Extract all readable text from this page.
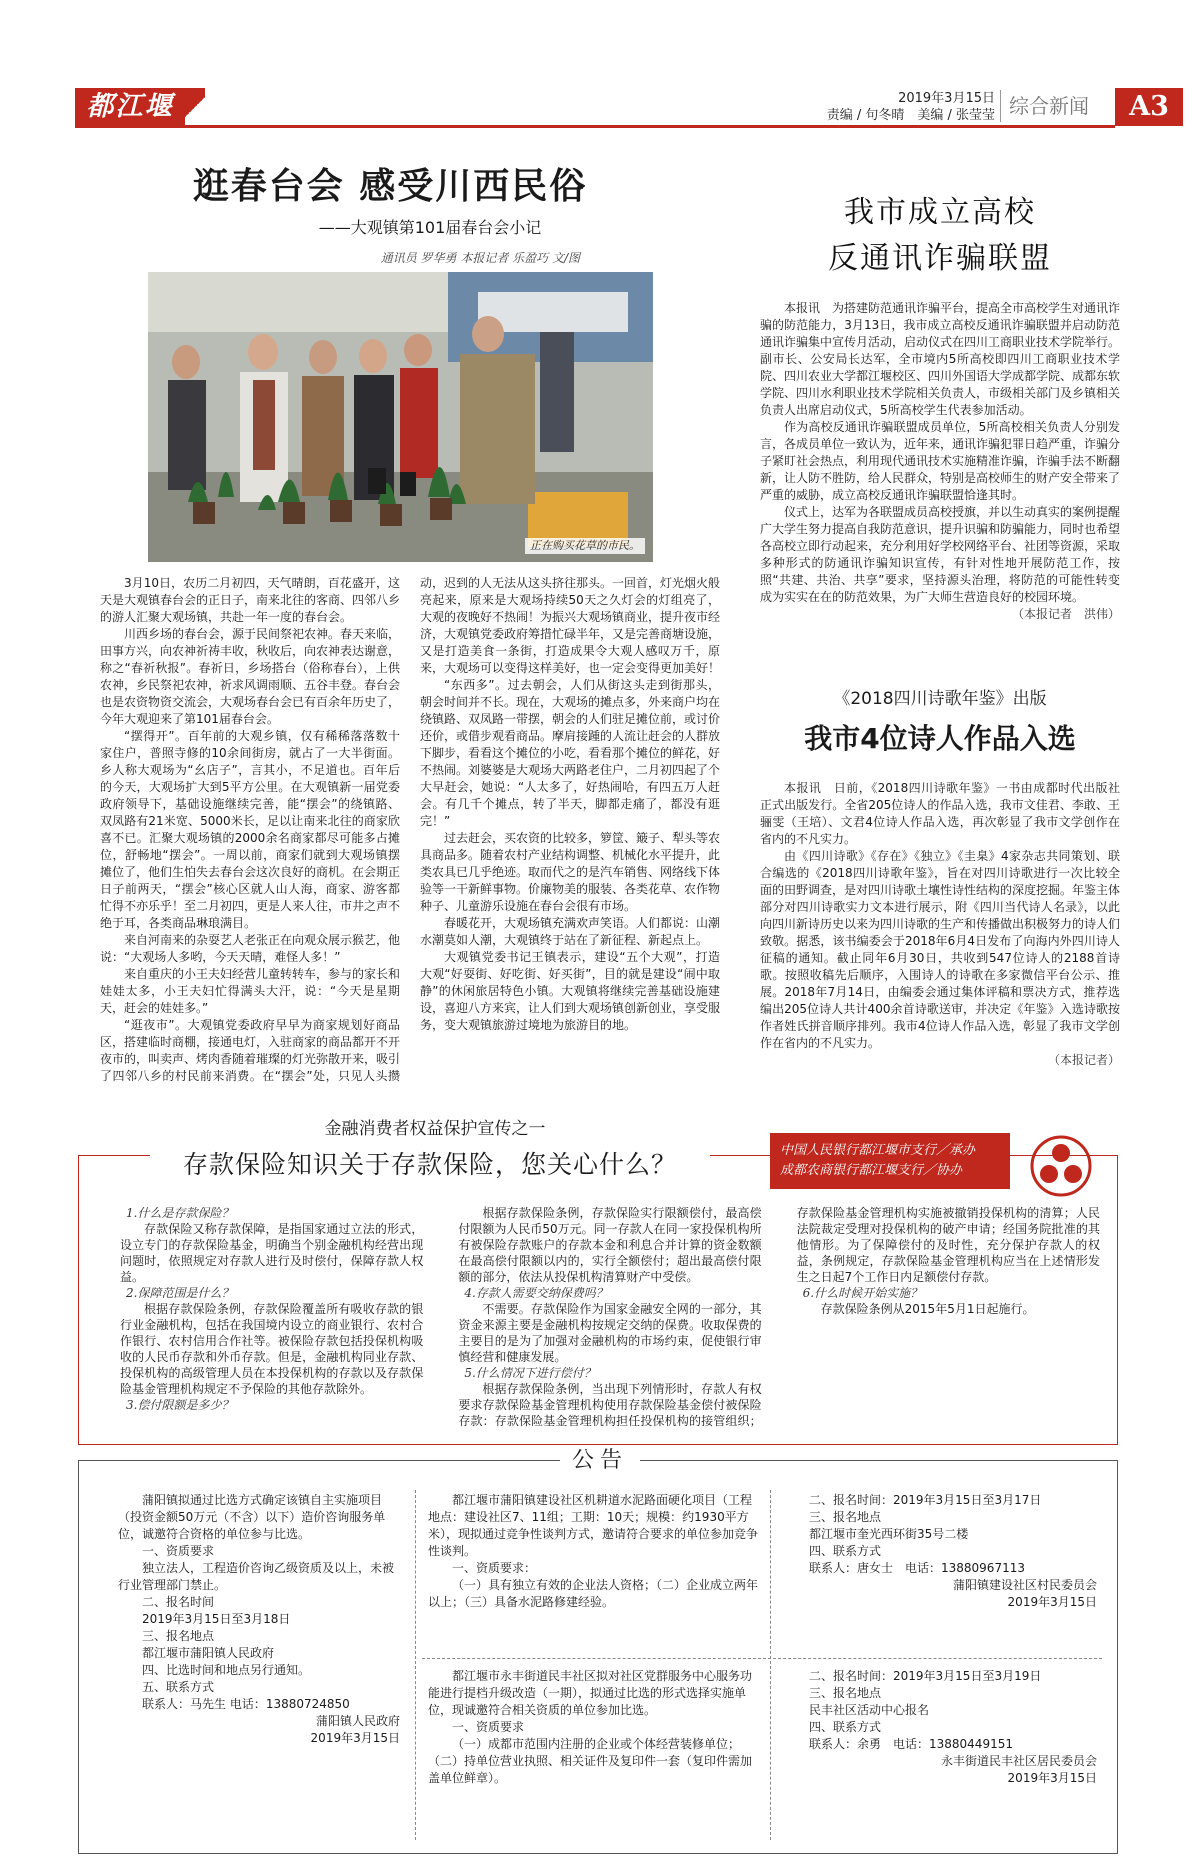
都江堰报
2019年3月15日
责编 / 句冬晴　美编 / 张莹莹 综合新闻	A3
逛春台会 感受川西民俗
——大观镇第101届春台会小记
通讯员 罗华勇 本报记者 乐盈巧 文/图
正在购买花草的市民。

3月10日，农历二月初四，天气晴朗，百花盛开，这天是大观镇春台会的正日子，南来北往的客商、四邻八乡的游人汇聚大观场镇，共赴一年一度的春台会。

川西乡场的春台会，源于民间祭祀农神。春天来临，田事方兴，向农神祈祷丰收，秋收后，向农神表达谢意，称之“春祈秋报”。春祈日，乡场搭台（俗称春台），上供农神，乡民祭祀农神，祈求风调雨顺、五谷丰登。春台会也是农资物资交流会，大观场春台会已有百余年历史了，今年大观迎来了第101届春台会。

“摆得开”。百年前的大观乡镇，仅有稀稀落落数十家住户，普照寺修的10余间街房，就占了一大半街面。乡人称大观场为“幺店子”，言其小，不足道也。百年后的今天，大观场扩大到5平方公里。在大观镇新一届党委政府领导下，基础设施继续完善，能“摆会”的绕镇路、双凤路有21米宽、5000米长，足以让南来北往的商家欣喜不已。汇聚大观场镇的2000余名商家都尽可能多占摊位，舒畅地“摆会”。一周以前，商家们就到大观场镇摆摊位了，他们生怕失去春台会这次良好的商机。在会期正日子前两天，“摆会”核心区就人山人海，商家、游客都忙得不亦乐乎！至二月初四，更是人来人往，市井之声不绝于耳，各类商品琳琅满目。

来自河南来的杂耍艺人老张正在向观众展示猴艺，他说：“大观场人多哟，今天天晴，难怪人多！”

来自重庆的小王夫妇经营儿童转转车，参与的家长和娃娃太多，小王夫妇忙得满头大汗，说：“今天是星期天，赶会的娃娃多。”

“逛夜市”。大观镇党委政府早早为商家规划好商品区，搭建临时商棚，接通电灯，入驻商家的商品都开不开夜市的，叫卖声、烤肉香随着璀璨的灯光弥散开来，吸引了四邻八乡的村民前来消费。在“摆会”处，只见人头攒动，迟到的人无法从这头挤往那头。一回首，灯光烟火般亮起来，原来是大观场持续50天之久灯会的灯组亮了，大观的夜晚好不热闹！为振兴大观场镇商业，提升夜市经济，大观镇党委政府筹措忙碌半年，又是完善商塘设施，又是打造美食一条街，打造成果令大观人感叹万千，原来，大观场可以变得这样美好，也一定会变得更加美好！

“东西多”。过去朝会，人们从街这头走到街那头，朝会时间并不长。现在，大观场的摊点多，外来商户均在绕镇路、双凤路一带摆，朝会的人们驻足摊位前，或讨价还价，或借步观看商品。摩肩接踵的人流让赶会的人群放下脚步，看看这个摊位的小吃，看看那个摊位的鲜花，好不热闹。刘婆婆是大观场大两路老住户，二月初四起了个大早赶会，她说：“人太多了，好热闹哈，有四五万人赶会。有几千个摊点，转了半天，脚都走痛了，都没有逛完！”

过去赶会，买农资的比较多，箩筐、簸子、犁头等农具商品多。随着农村产业结构调整、机械化水平提升，此类农具已几乎绝迹。取而代之的是汽车销售、网络线下体验等一干新鲜事物。价廉物美的服装、各类花草、农作物种子、儿童游乐设施在春台会很有市场。

春暖花开，大观场镇充满欢声笑语。人们都说：山潮水潮莫如人潮，大观镇终于站在了新征程、新起点上。

大观镇党委书记王镇表示，建设“五个大观”，打造大观“好耍街、好吃街、好买街”，目的就是建设“闹中取静”的休闲旅居特色小镇。大观镇将继续完善基础设施建设，喜迎八方来宾，让人们到大观场镇创新创业，享受服务，变大观镇旅游过境地为旅游目的地。

我市成立高校
反通讯诈骗联盟

本报讯　为搭建防范通讯诈骗平台，提高全市高校学生对通讯诈骗的防范能力，3月13日，我市成立高校反通讯诈骗联盟并启动防范通讯诈骗集中宣传月活动，启动仪式在四川工商职业技术学院举行。副市长、公安局长达军，全市境内5所高校即四川工商职业技术学院、四川农业大学都江堰校区、四川外国语大学成都学院、成都东软学院、四川水利职业技术学院相关负责人，市级相关部门及乡镇相关负责人出席启动仪式，5所高校学生代表参加活动。

作为高校反通讯诈骗联盟成员单位，5所高校相关负责人分别发言，各成员单位一致认为，近年来，通讯诈骗犯罪日趋严重，诈骗分子紧盯社会热点，利用现代通讯技术实施精准诈骗，诈骗手法不断翻新，让人防不胜防，给人民群众，特别是高校师生的财产安全带来了严重的威胁，成立高校反通讯诈骗联盟恰逢其时。

仪式上，达军为各联盟成员高校授旗，并以生动真实的案例提醒广大学生努力提高自我防范意识，提升识骗和防骗能力，同时也希望各高校立即行动起来，充分利用好学校网络平台、社团等资源，采取多种形式的防通讯诈骗知识宣传，有针对性地开展防范工作，按照“共建、共治、共享”要求，坚持源头治理，将防范的可能性转变成为实实在在的防范效果，为广大师生营造良好的校园环境。

（本报记者　洪伟）
《2018四川诗歌年鉴》出版
我市4位诗人作品入选

本报讯　日前，《2018四川诗歌年鉴》一书由成都时代出版社正式出版发行。全省205位诗人的作品入选，我市文佳君、李敢、王骊雯（王培）、文君4位诗人作品入选，再次彰显了我市文学创作在省内的不凡实力。

由《四川诗歌》《存在》《独立》《圭臬》4家杂志共同策划、联合编选的《2018四川诗歌年鉴》，旨在对四川诗歌进行一次比较全面的田野调查，是对四川诗歌土壤性诗性结构的深度挖掘。年鉴主体部分对四川诗歌实力文本进行展示，附《四川当代诗人名录》，以此向四川新诗历史以来为四川诗歌的生产和传播做出积极努力的诗人们致敬。据悉，该书编委会于2018年6月4日发布了向海内外四川诗人征稿的通知。截止同年6月30日，共收到547位诗人的2188首诗歌。按照收稿先后顺序，入围诗人的诗歌在多家微信平台公示、推展。2018年7月14日，由编委会通过集体评稿和票决方式，推荐选编出205位诗人共计400余首诗歌送审，并决定《年鉴》入选诗歌按作者姓氏拼音顺序排列。我市4位诗人作品入选，彰显了我市文学创作在省内的不凡实力。

（本报记者）
金融消费者权益保护宣传之一
存款保险知识关于存款保险，您关心什么？	中国人民银行都江堰市支行／承办
成都农商银行都江堰支行／协办
1.什么是存款保险？

存款保险又称存款保障，是指国家通过立法的形式，设立专门的存款保险基金，明确当个别金融机构经营出现问题时，依照规定对存款人进行及时偿付，保障存款人权益。

2.保障范围是什么？

根据存款保险条例，存款保险覆盖所有吸收存款的银行业金融机构，包括在我国境内设立的商业银行、农村合作银行、农村信用合作社等。被保险存款包括投保机构吸收的人民币存款和外币存款。但是，金融机构同业存款、投保机构的高级管理人员在本投保机构的存款以及存款保险基金管理机构规定不予保险的其他存款除外。

3.偿付限额是多少？

根据存款保险条例，存款保险实行限额偿付，最高偿付限额为人民币50万元。同一存款人在同一家投保机构所有被保险存款账户的存款本金和利息合并计算的资金数额在最高偿付限额以内的，实行全额偿付；超出最高偿付限额的部分，依法从投保机构清算财产中受偿。

4.存款人需要交纳保费吗？

不需要。存款保险作为国家金融安全网的一部分，其资金来源主要是金融机构按规定交纳的保费。收取保费的主要目的是为了加强对金融机构的市场约束，促使银行审慎经营和健康发展。

5.什么情况下进行偿付？

根据存款保险条例，当出现下列情形时，存款人有权要求存款保险基金管理机构使用存款保险基金偿付被保险存款：存款保险基金管理机构担任投保机构的接管组织；存款保险基金管理机构实施被撤销投保机构的清算；人民法院裁定受理对投保机构的破产申请；经国务院批准的其他情形。为了保障偿付的及时性，充分保护存款人的权益，条例规定，存款保险基金管理机构应当在上述情形发生之日起7个工作日内足额偿付存款。

6.什么时候开始实施？

存款保险条例从2015年5月1日起施行。

公告
蒲阳镇拟通过比选方式确定该镇自主实施项目（投资金额50万元（不含）以下）造价咨询服务单位，诚邀符合资格的单位参与比选。
一、资质要求
独立法人，工程造价咨询乙级资质及以上，未被行业管理部门禁止。
二、报名时间
2019年3月15日至3月18日
三、报名地点
都江堰市蒲阳镇人民政府
四、比选时间和地点另行通知。
五、联系方式
联系人：马先生 电话：13880724850
蒲阳镇人民政府
2019年3月15日
都江堰市蒲阳镇建设社区机耕道水泥路面硬化项目（工程地点：建设社区7、11组；工期：10天；规模：约1930平方米），现拟通过竞争性谈判方式，邀请符合要求的单位参加竞争性谈判。
一、资质要求：
（一）具有独立有效的企业法人资格；（二）企业成立两年以上；（三）具备水泥路修建经验。
二、报名时间：2019年3月15日至3月17日
三、报名地点
都江堰市奎光西环街35号二楼
四、联系方式
联系人：唐女士　电话：13880967113
蒲阳镇建设社区村民委员会
2019年3月15日
都江堰市永丰街道民丰社区拟对社区党群服务中心服务功能进行提档升级改造（一期），拟通过比选的形式选择实施单位，现诚邀符合相关资质的单位参加比选。
一、资质要求
（一）成都市范围内注册的企业或个体经营装修单位；（二）持单位营业执照、相关证件及复印件一套（复印件需加盖单位鲜章）。
二、报名时间：2019年3月15日至3月19日
三、报名地点
民丰社区活动中心报名
四、联系方式
联系人：余勇　电话：13880449151
永丰街道民丰社区居民委员会
2019年3月15日
